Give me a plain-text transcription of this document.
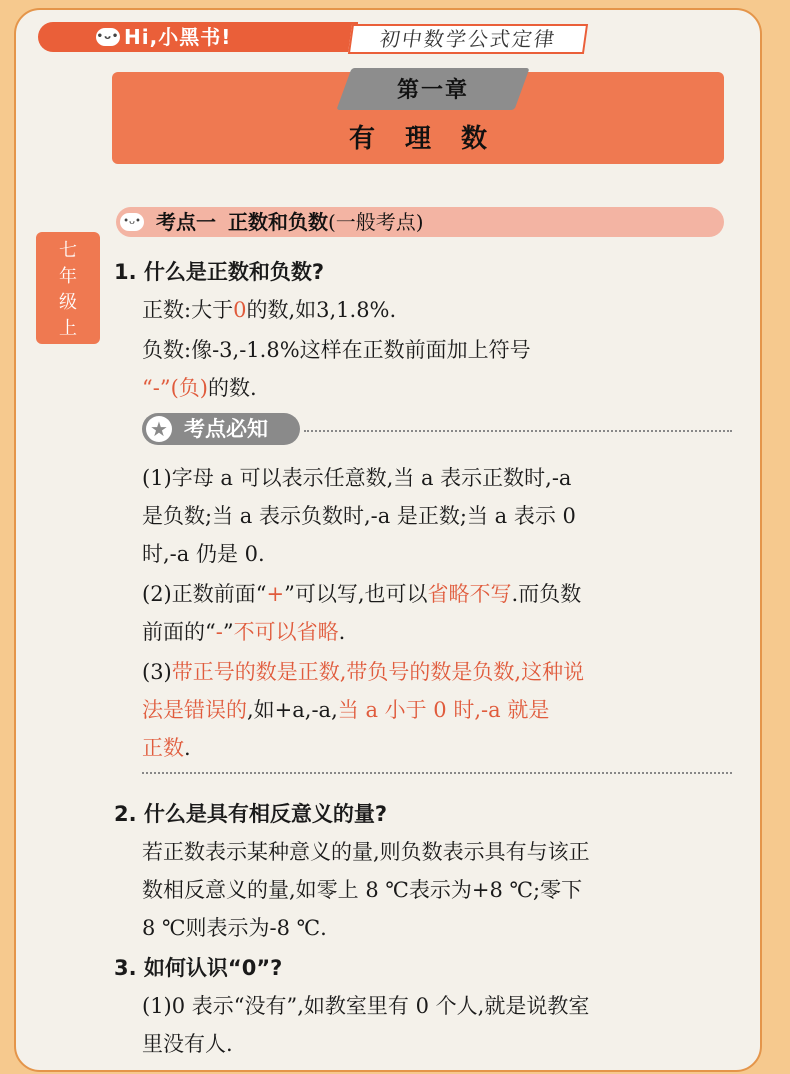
•ᴗ• Hi,小黑书!	初中数学公式定律
第一章
有理数
七
年
级
上
•ᴗ• 考点一 正数和负数(一般考点)
1. 什么是正数和负数?
正数:大于0的数,如3,1.8%.
负数:像-3,-1.8%这样在正数前面加上符号
“-”(负)的数.
★ 考点必知
(1)字母 a 可以表示任意数,当 a 表示正数时,-a
是负数;当 a 表示负数时,-a 是正数;当 a 表示 0
时,-a 仍是 0.
(2)正数前面“+”可以写,也可以省略不写.而负数
前面的“-”不可以省略.
(3)带正号的数是正数,带负号的数是负数,这种说
法是错误的,如+a,-a,当 a 小于 0 时,-a 就是
正数.
2. 什么是具有相反意义的量?
若正数表示某种意义的量,则负数表示具有与该正
数相反意义的量,如零上 8 ℃表示为+8 ℃;零下
8 ℃则表示为-8 ℃.
3. 如何认识“0”?
(1)0 表示“没有”,如教室里有 0 个人,就是说教室
里没有人.
